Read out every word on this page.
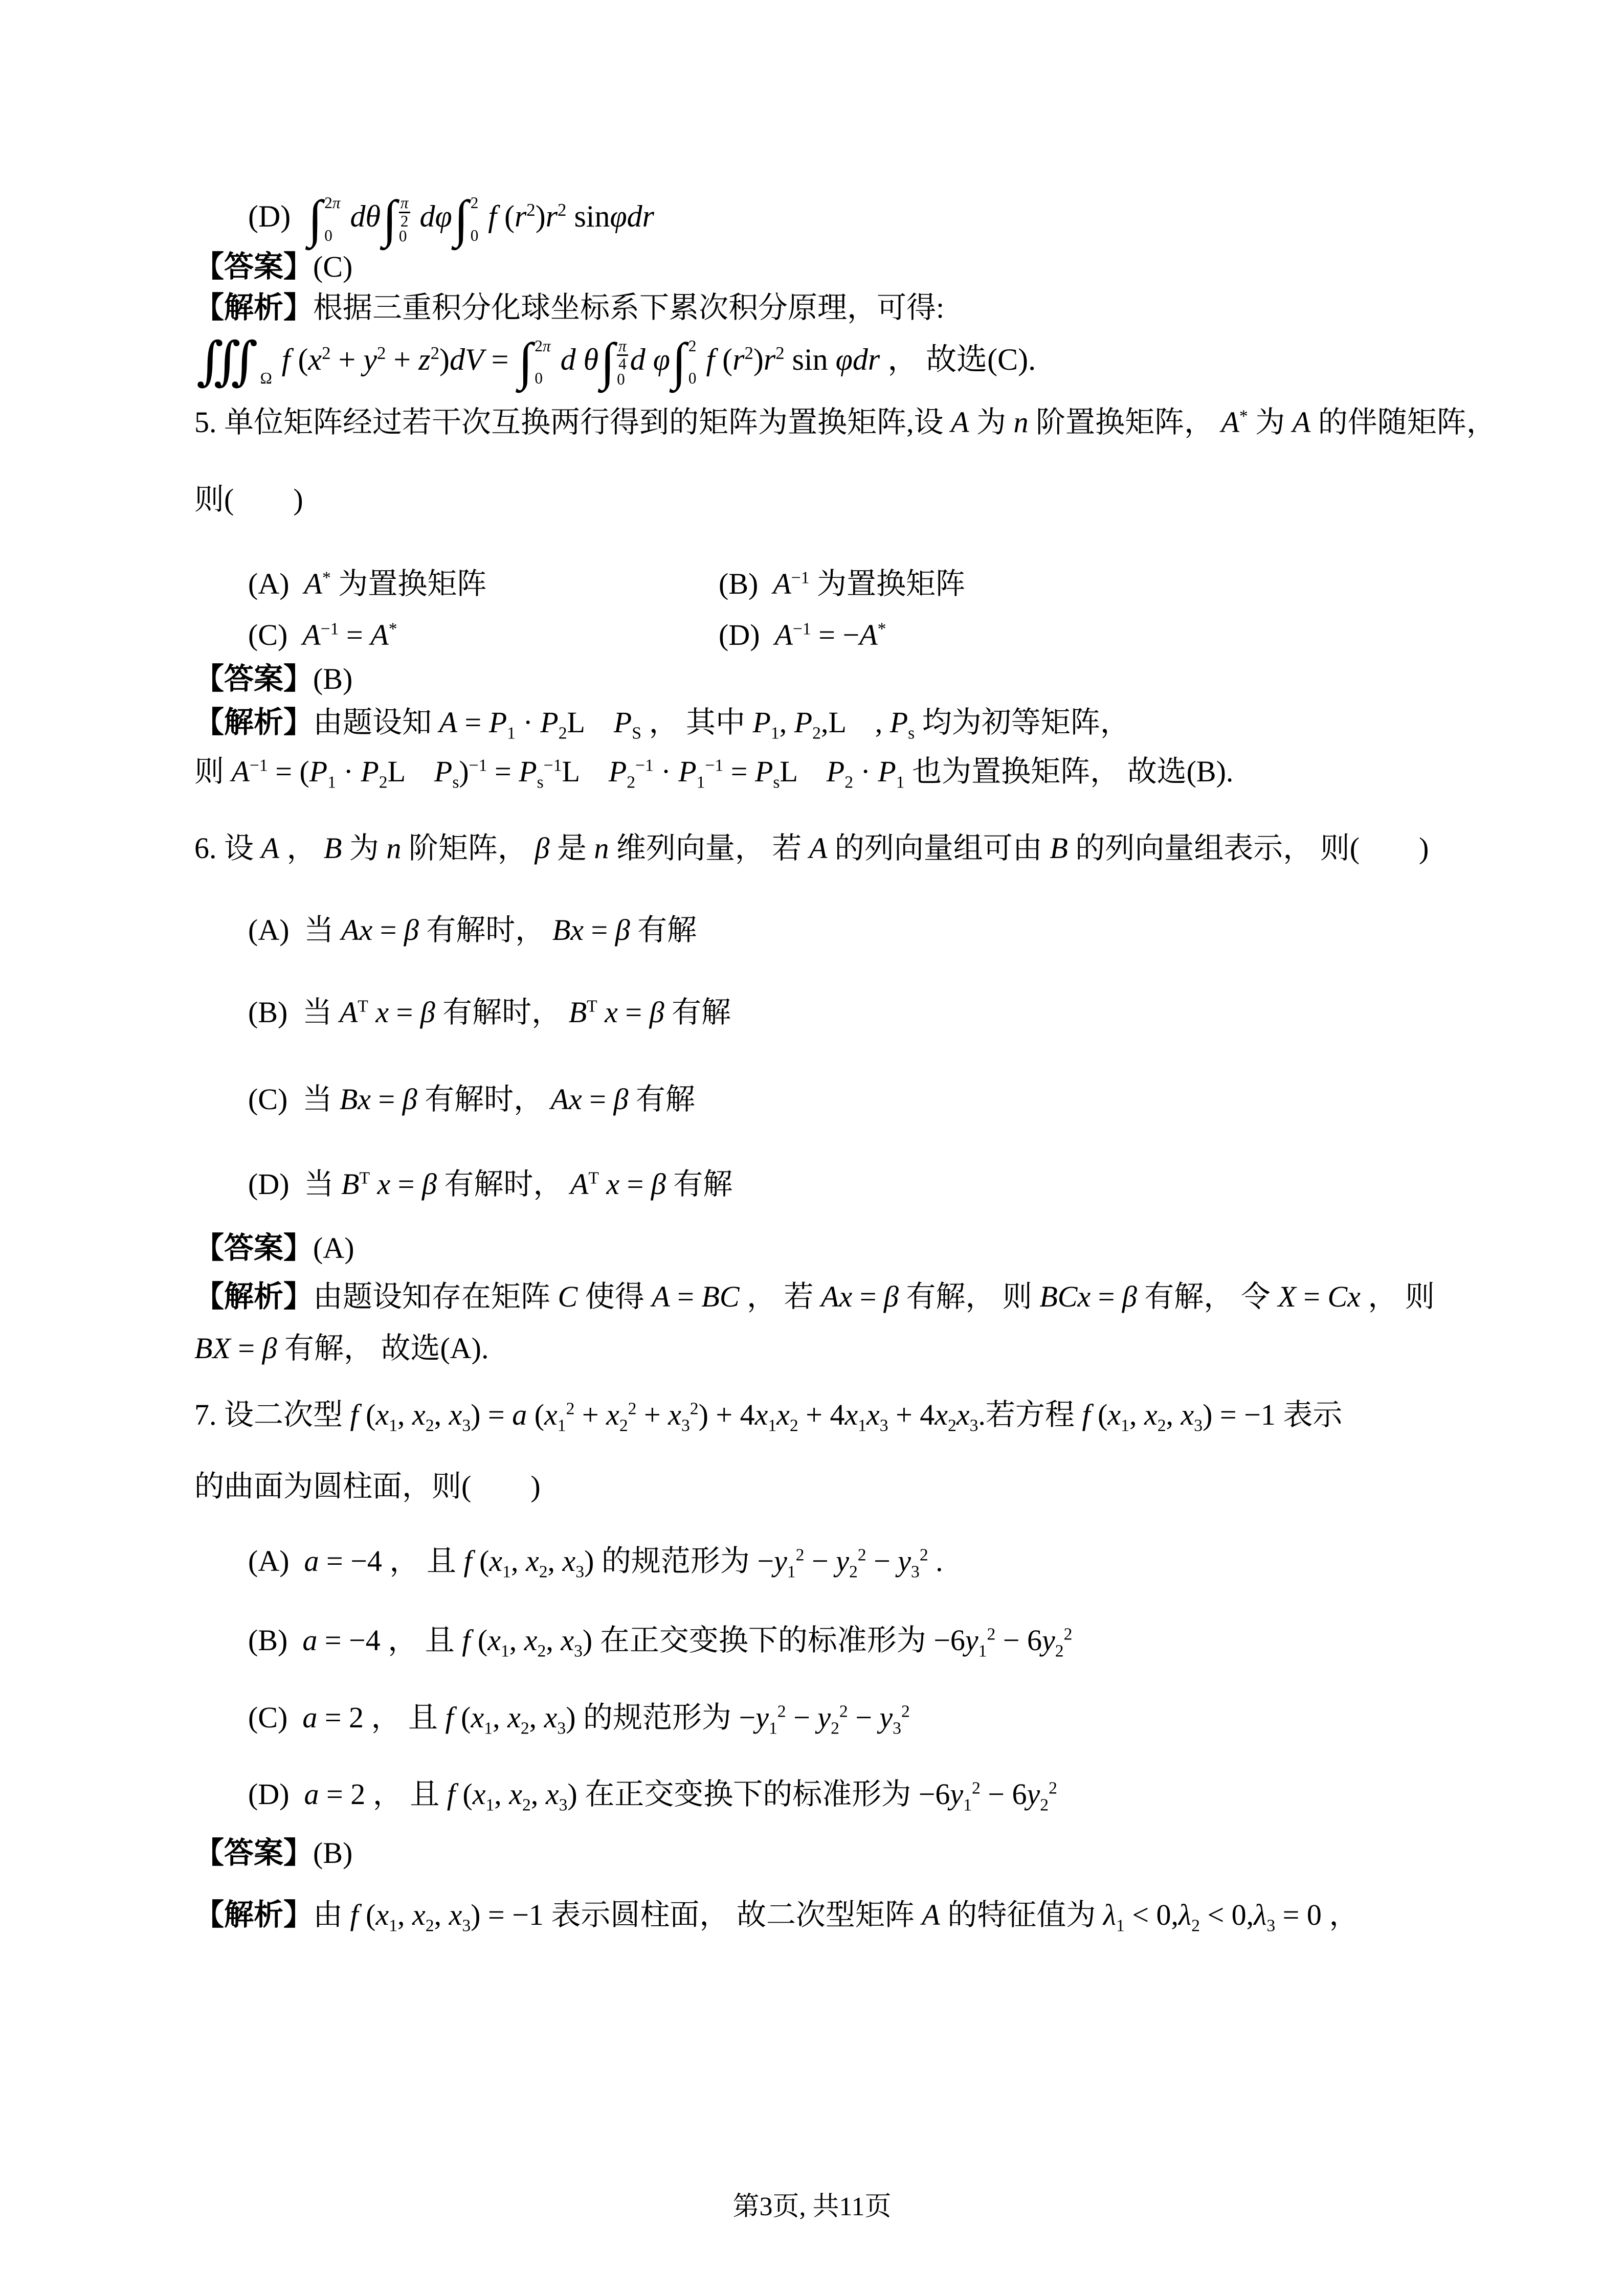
(D) ∫ 2π
0
dθ ∫ $\frac{\pi}{2}$
0
dφ ∫ 2
0
f $(r^2)r^2$ sinφdr
【答案】(C)
【解析】根据三重积分化球坐标系下累次积分原理，可得:
∭ Ω
f $(x^2 + y^2 + z^2)dV$ = ∫ 2π
0
d θ ∫ $\frac{\pi}{4}$
0
d φ ∫ 2
0
f $(r^2)r^2$ sin φdr ， 故选(C).
5. 单位矩阵经过若干次互换两行得到的矩阵为置换矩阵,设 A 为 n 阶置换矩阵， A* 为 A 的伴随矩阵，
则(　　)
(A)  A* 为置换矩阵	(B)  $A^{-1}$ 为置换矩阵
(C)  $A^{-1} = A^*$	(D)  $A^{-1} = -A^*$
【答案】(B)
【解析】由题设知 $A = P_1 \cdot P_2L$　$P_S$ ， 其中 $P_1$, $P_2,L$　, $P_s$ 均为初等矩阵，
则 $A^{-1} = (P_1 \cdot P_2L$　$P_s)^{-1} = P_s^{-1}L$　$P_2^{-1} \cdot P_1^{-1} = P_sL$　$P_2 \cdot P_1$ 也为置换矩阵， 故选(B).
6. 设 A ， B 为 n 阶矩阵， β 是 n 维列向量， 若 A 的列向量组可由 B 的列向量组表示， 则(　　)
(A)  当 Ax = β 有解时， Bx = β 有解
(B)  当 $A^T$ x = β 有解时， $B^T$ x = β 有解
(C)  当 Bx = β 有解时， Ax = β 有解
(D)  当 $B^T$ x = β 有解时， $A^T$ x = β 有解
【答案】(A)
【解析】由题设知存在矩阵 C 使得 A = BC ， 若 Ax = β 有解， 则 BCx = β 有解， 令 X = Cx ， 则
BX = β 有解， 故选(A).
7. 设二次型 f ($x_1$, $x_2$, $x_3) = a$ $(x_1^2 + x_2^2 + x_3^2) + 4x_1x_2 + 4x_1x_3 + 4x_2x_3$.若方程 f ($x_1$, $x_2$, $x_3) = -1$ 表示
的曲面为圆柱面，则(　　)
(A)  a = −4 ， 且 f ($x_1$, $x_2$, $x_3$) 的规范形为 $-y_1^2 - y_2^2 - y_3^2$ .
(B)  a = −4 ， 且 f ($x_1$, $x_2$, $x_3$) 在正交变换下的标准形为 $-6y_1^2 - 6y_2^2$
(C)  a = 2 ， 且 f ($x_1$, $x_2$, $x_3$) 的规范形为 $-y_1^2 - y_2^2 - y_3^2$
(D)  a = 2 ， 且 f ($x_1$, $x_2$, $x_3$) 在正交变换下的标准形为 $-6y_1^2 - 6y_2^2$
【答案】(B)
【解析】由 f ($x_1$, $x_2$, $x_3) = -1$ 表示圆柱面， 故二次型矩阵 A 的特征值为 $\lambda_1 < 0,\lambda_2 < 0,\lambda_3 = 0$ ，
第3页, 共11页
